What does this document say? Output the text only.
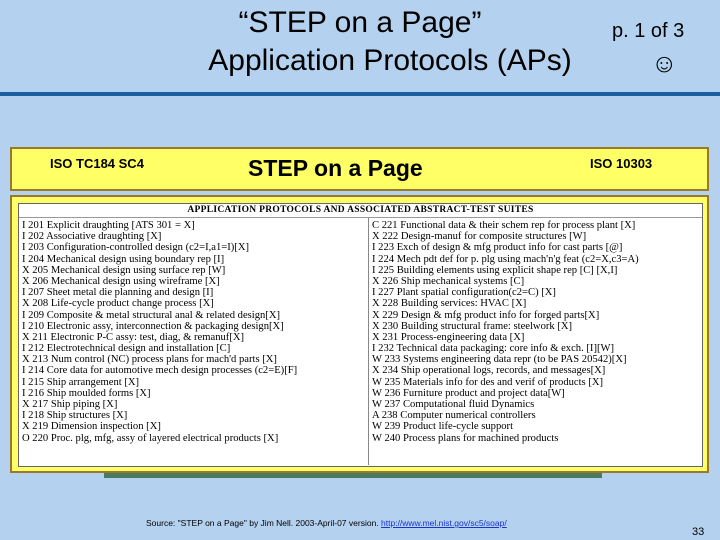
“STEP on a Page”
Application Protocols (APs)
p. 1 of 3
☺
ISO TC184 SC4	STEP on a Page	ISO 10303
APPLICATION PROTOCOLS AND ASSOCIATED ABSTRACT-TEST SUITES
I 201 Explicit draughting [ATS 301 = X]
I 202 Associative draughting [X]
I 203 Configuration-controlled design (c2=I,a1=I)[X]
I 204 Mechanical design using boundary rep [I]
X 205 Mechanical design using surface rep [W]
X 206 Mechanical design using wireframe [X]
I 207 Sheet metal die planning and design [I]
X 208 Life-cycle product change process [X]
I 209 Composite & metal structural anal & related design[X]
I 210 Electronic assy, interconnection & packaging design[X]
X 211 Electronic P-C assy: test, diag, & remanuf[X]
I 212 Electrotechnical design and installation [C]
X 213 Num control (NC) process plans for mach'd parts [X]
I 214 Core data for automotive mech design processes (c2=E)[F]
I 215 Ship arrangement [X]
I 216 Ship moulded forms [X]
X 217 Ship piping [X]
I 218 Ship structures [X]
X 219 Dimension inspection [X]
O 220 Proc. plg, mfg, assy of layered electrical products [X]
C 221 Functional data & their schem rep for process plant [X]
X 222 Design-manuf for composite structures [W]
I 223 Exch of design & mfg product info for cast parts [@]
I 224 Mech pdt def for p. plg using mach'n'g feat (c2=X,c3=A)
I 225 Building elements using explicit shape rep [C] [X,I]
X 226 Ship mechanical systems [C]
I 227 Plant spatial configuration(c2=C) [X]
X 228 Building services: HVAC [X]
X 229 Design & mfg product info for forged parts[X]
X 230 Building structural frame: steelwork [X]
X 231 Process-engineering data [X]
I 232 Technical data packaging: core info & exch. [I][W]
W 233 Systems engineering data repr (to be PAS 20542)[X]
X 234 Ship operational logs, records, and messages[X]
W 235 Materials info for des and verif of products [X]
W 236 Furniture product and project data[W]
W 237 Computational fluid Dynamics
A 238 Computer numerical controllers
W 239 Product life-cycle support
W 240 Process plans for machined products
Source: "STEP on a Page" by Jim Nell. 2003-April-07 version. http://www.mel.nist.gov/sc5/soap/
33
